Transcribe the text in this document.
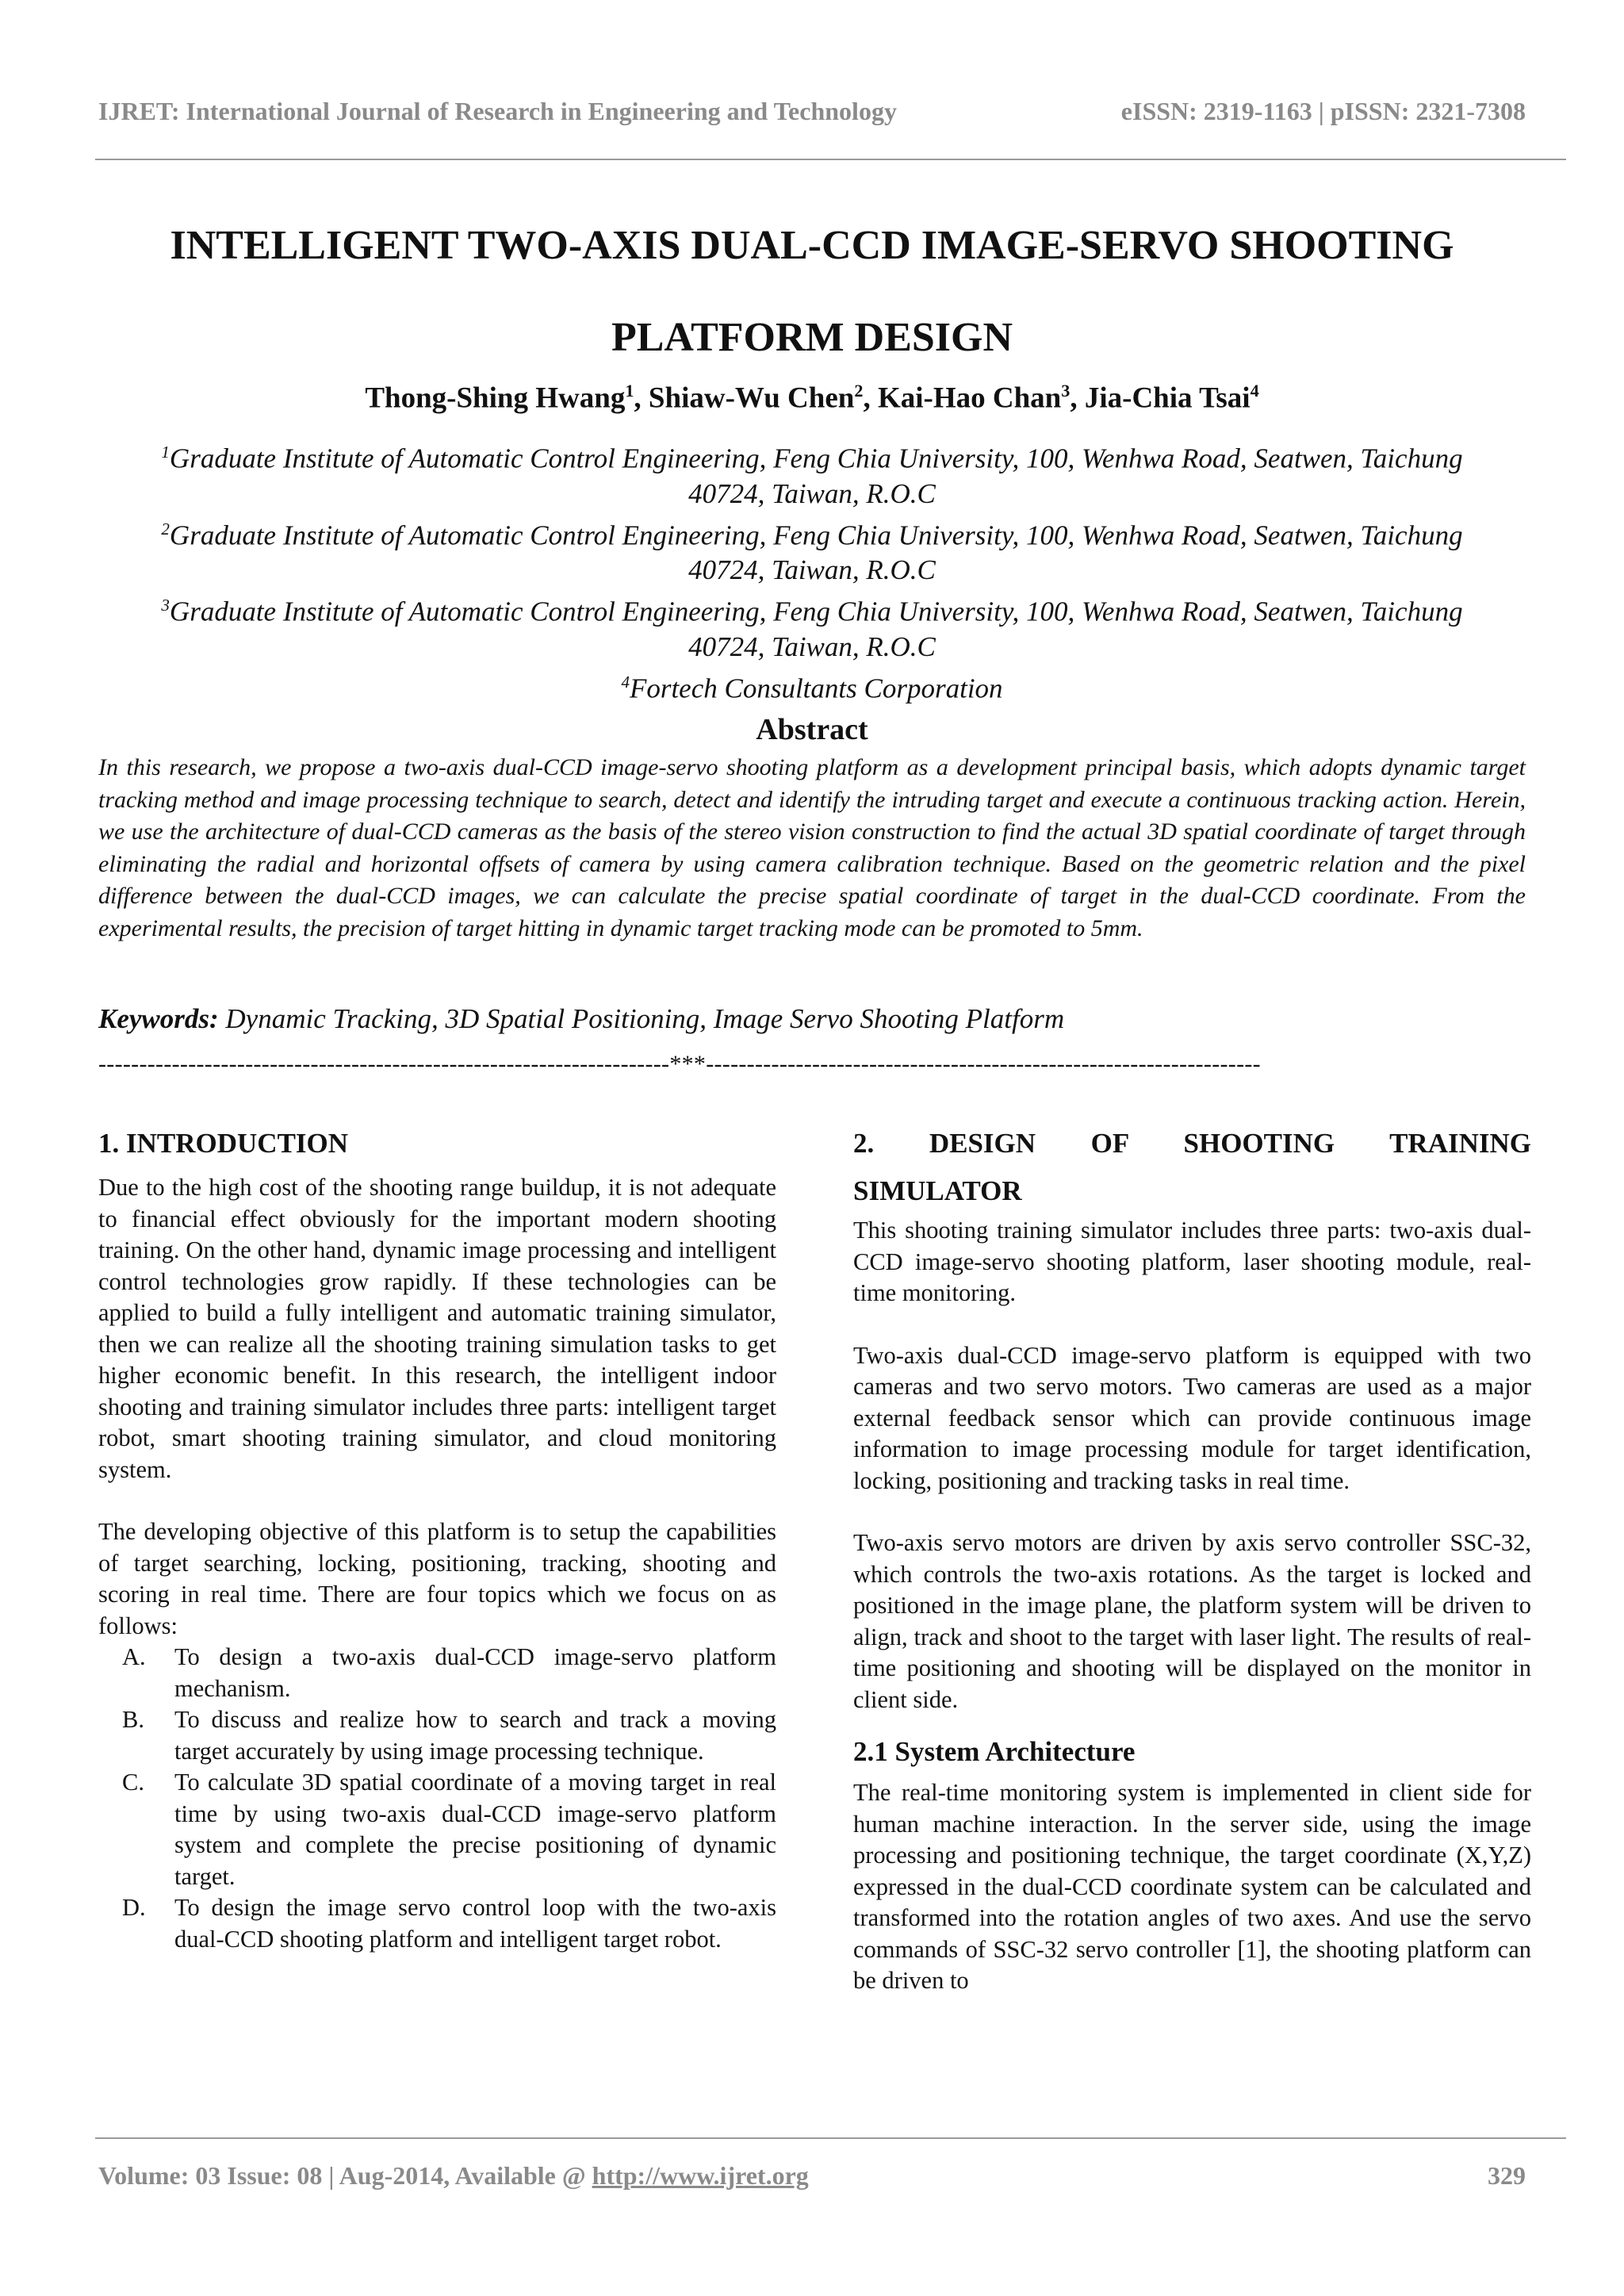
IJRET: International Journal of Research in Engineering and Technology	eISSN: 2319-1163 | pISSN: 2321-7308
INTELLIGENT TWO-AXIS DUAL-CCD IMAGE-SERVO SHOOTING
PLATFORM DESIGN
Thong-Shing Hwang$^1$, Shiaw-Wu Chen$^2$, Kai-Hao Chan$^3$, Jia-Chia Tsai$^4$
$^1$Graduate Institute of Automatic Control Engineering, Feng Chia University, 100, Wenhwa Road, Seatwen, Taichung
40724, Taiwan, R.O.C
$^2$Graduate Institute of Automatic Control Engineering, Feng Chia University, 100, Wenhwa Road, Seatwen, Taichung
40724, Taiwan, R.O.C
$^3$Graduate Institute of Automatic Control Engineering, Feng Chia University, 100, Wenhwa Road, Seatwen, Taichung
40724, Taiwan, R.O.C
$^4$Fortech Consultants Corporation
Abstract
In this research, we propose a two-axis dual-CCD image-servo shooting platform as a development principal basis, which adopts dynamic target tracking method and image processing technique to search, detect and identify the intruding target and execute a continuous tracking action. Herein, we use the architecture of dual-CCD cameras as the basis of the stereo vision construction to find the actual 3D spatial coordinate of target through eliminating the radial and horizontal offsets of camera by using camera calibration technique. Based on the geometric relation and the pixel difference between the dual-CCD images, we can calculate the precise spatial coordinate of target in the dual-CCD coordinate. From the experimental results, the precision of target hitting in dynamic target tracking mode can be promoted to 5mm.
Keywords: Dynamic Tracking, 3D Spatial Positioning, Image Servo Shooting Platform
----------------------------------------------------------------------***--------------------------------------------------------------------
1. INTRODUCTION

Due to the high cost of the shooting range buildup, it is not adequate to financial effect obviously for the important modern shooting training. On the other hand, dynamic image processing and intelligent control technologies grow rapidly. If these technologies can be applied to build a fully intelligent and automatic training simulator, then we can realize all the shooting training simulation tasks to get higher economic benefit. In this research, the intelligent indoor shooting and training simulator includes three parts: intelligent target robot, smart shooting training simulator, and cloud monitoring system.

The developing objective of this platform is to setup the capabilities of target searching, locking, positioning, tracking, shooting and scoring in real time. There are four topics which we focus on as follows:

A.	To design a two-axis dual-CCD image-servo platform mechanism.
B.	To discuss and realize how to search and track a moving target accurately by using image processing technique.
C.	To calculate 3D spatial coordinate of a moving target in real time by using two-axis dual-CCD image-servo platform system and complete the precise positioning of dynamic target.
D.	To design the image servo control loop with the two-axis dual-CCD shooting platform and intelligent target robot.
2. DESIGN OF SHOOTING TRAINING
SIMULATOR

This shooting training simulator includes three parts: two-axis dual-CCD image-servo shooting platform, laser shooting module, real-time monitoring.

Two-axis dual-CCD image-servo platform is equipped with two cameras and two servo motors. Two cameras are used as a major external feedback sensor which can provide continuous image information to image processing module for target identification, locking, positioning and tracking tasks in real time.

Two-axis servo motors are driven by axis servo controller SSC-32, which controls the two-axis rotations. As the target is locked and positioned in the image plane, the platform system will be driven to align, track and shoot to the target with laser light. The results of real-time positioning and shooting will be displayed on the monitor in client side.

2.1 System Architecture

The real-time monitoring system is implemented in client side for human machine interaction. In the server side, using the image processing and positioning technique, the target coordinate (X,Y,Z) expressed in the dual-CCD coordinate system can be calculated and transformed into the rotation angles of two axes. And use the servo commands of SSC-32 servo controller [1], the shooting platform can be driven to

Volume: 03 Issue: 08 | Aug-2014, Available @ http://www.ijret.org	329
